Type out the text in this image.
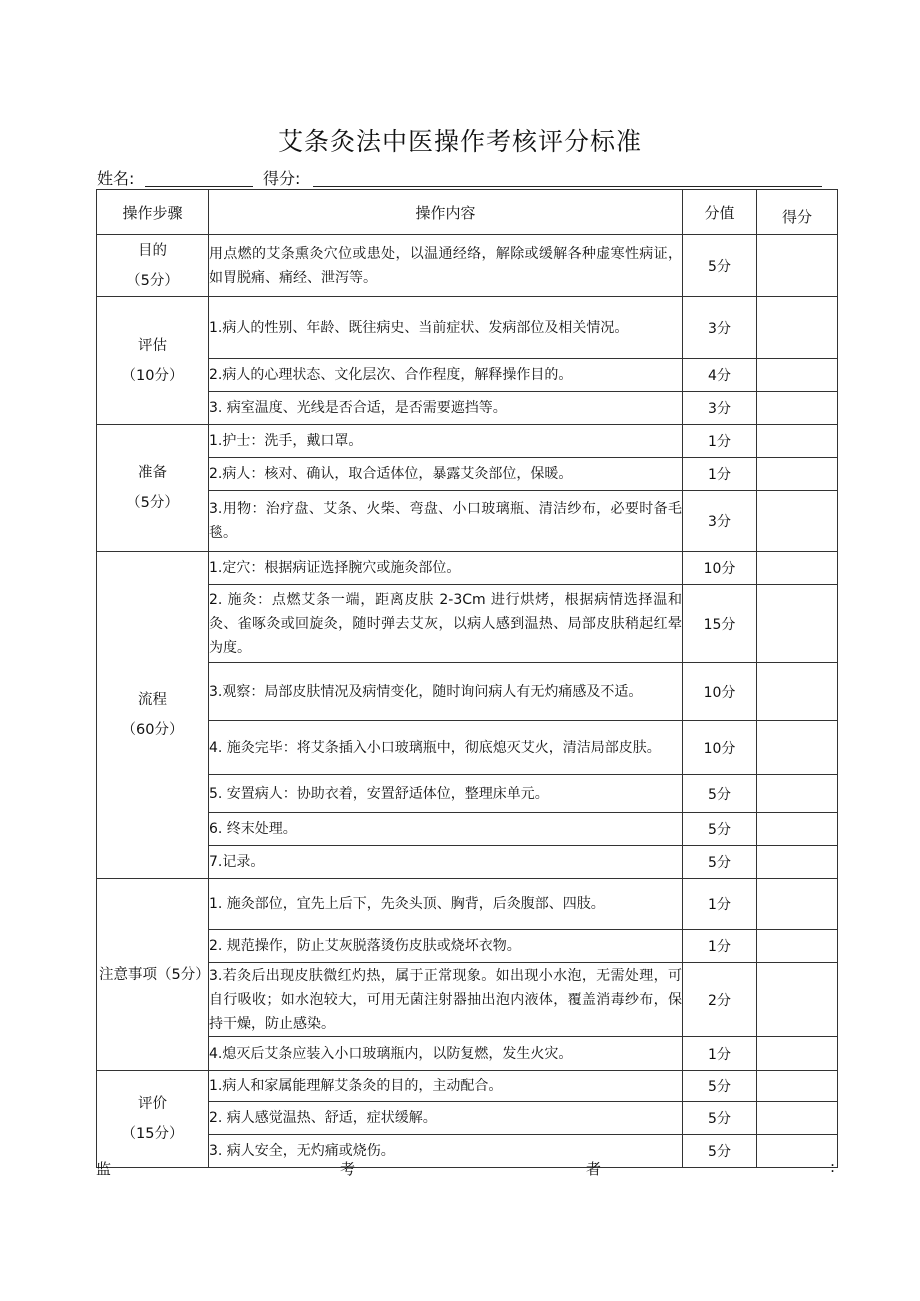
艾条灸法中医操作考核评分标准
姓名:	得分:
操作步骤	操作内容	分值	得分

目的
（5分）	用点燃的艾条熏灸穴位或患处，以温通经络，解除或缓解各种虚寒性病证，如胃脱痛、痛经、泄泻等。	5分	

评估
（10分）	1.病人的性别、年龄、既往病史、当前症状、发病部位及相关情况。	3分	
	2.病人的心理状态、文化层次、合作程度，解释操作目的。	4分	
	3. 病室温度、光线是否合适，是否需要遮挡等。	3分	

准备
（5分）	1.护士：洗手，戴口罩。	1分	
	2.病人：核对、确认，取合适体位，暴露艾灸部位，保暖。	1分	
	3.用物：治疗盘、艾条、火柴、弯盘、小口玻璃瓶、清洁纱布，必要时备毛毯。	3分	

流程
（60分）	1.定穴：根据病证选择腕穴或施灸部位。	10分	
	2. 施灸：点燃艾条一端，距离皮肤 2-3Cm 进行烘烤，根据病情选择温和灸、雀啄灸或回旋灸，随时弹去艾灰，以病人感到温热、局部皮肤稍起红晕为度。	15分	
	3.观察：局部皮肤情况及病情变化，随时询问病人有无灼痛感及不适。	10分	
	4. 施灸完毕：将艾条插入小口玻璃瓶中，彻底熄灭艾火，清洁局部皮肤。	10分	
	5. 安置病人：协助衣着，安置舒适体位，整理床单元。	5分	
	6. 终末处理。	5分	
	7.记录。	5分	

注意事项（5分）	1. 施灸部位，宜先上后下，先灸头顶、胸背，后灸腹部、四肢。	1分	
	2. 规范操作，防止艾灰脱落烫伤皮肤或烧坏衣物。	1分	
	3.若灸后出现皮肤微红灼热，属于正常现象。如出现小水泡，无需处理，可自行吸收；如水泡较大，可用无菌注射器抽出泡内液体，覆盖消毒纱布，保持干燥，防止感染。	2分	
	4.熄灭后艾条应装入小口玻璃瓶内，以防复燃，发生火灾。	1分	

评价
（15分）	1.病人和家属能理解艾条灸的目的，主动配合。	5分	
	2. 病人感觉温热、舒适，症状缓解。	5分	
	3. 病人安全，无灼痛或烧伤。	5分	
监	考	者	:
